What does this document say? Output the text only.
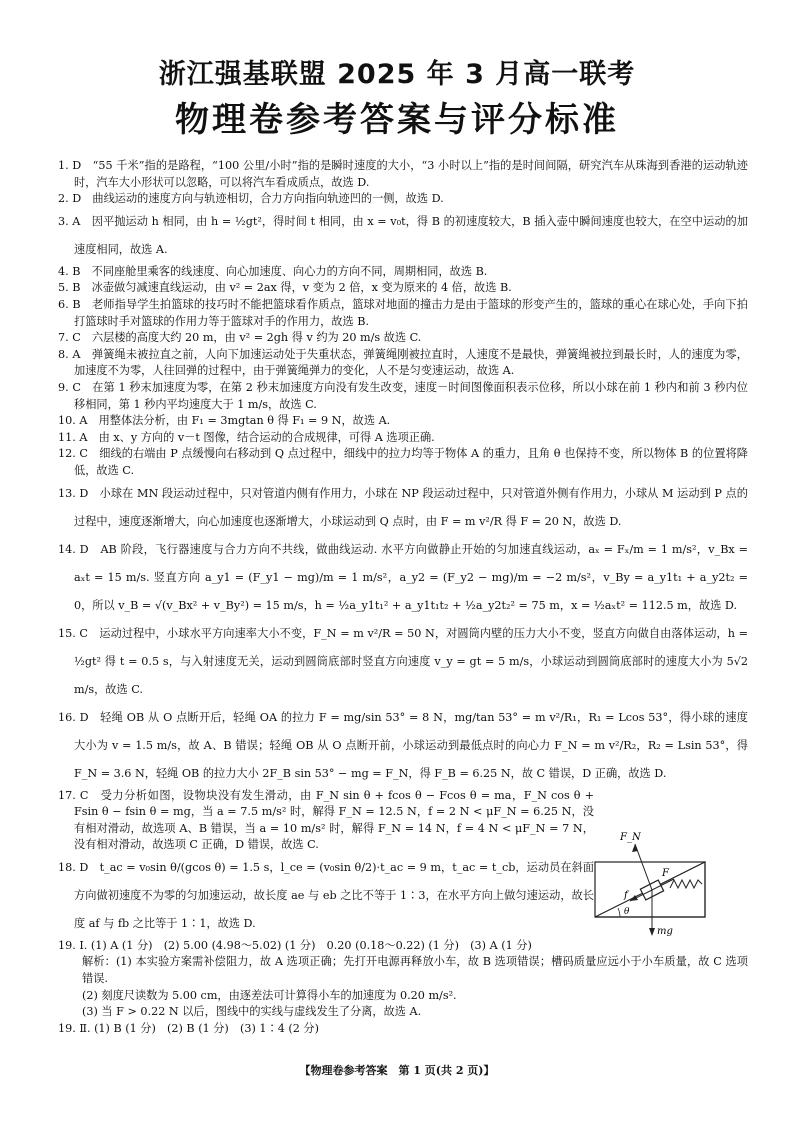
浙江强基联盟 2025 年 3 月高一联考
物理卷参考答案与评分标准

1. D　“55 千米”指的是路程，“100 公里/小时”指的是瞬时速度的大小，“3 小时以上”指的是时间间隔，研究汽车从珠海到香港的运动轨迹时，汽车大小形状可以忽略，可以将汽车看成质点，故选 D.

2. D　曲线运动的速度方向与轨迹相切，合力方向指向轨迹凹的一侧，故选 D.

3. A　因平抛运动 h 相同，由 h = ½gt²，得时间 t 相同，由 x = v₀t，得 B 的初速度较大，B 插入壶中瞬间速度也较大，在空中运动的加速度相同，故选 A.

4. B　不同座舱里乘客的线速度、向心加速度、向心力的方向不同，周期相同，故选 B.

5. B　冰壶做匀减速直线运动，由 v² = 2ax 得，v 变为 2 倍，x 变为原来的 4 倍，故选 B.

6. B　老师指导学生拍篮球的技巧时不能把篮球看作质点，篮球对地面的撞击力是由于篮球的形变产生的，篮球的重心在球心处，手向下拍打篮球时手对篮球的作用力等于篮球对手的作用力，故选 B.

7. C　六层楼的高度大约 20 m，由 v² = 2gh 得 v 约为 20 m/s 故选 C.

8. A　弹簧绳未被拉直之前，人向下加速运动处于失重状态，弹簧绳刚被拉直时，人速度不是最快，弹簧绳被拉到最长时，人的速度为零，加速度不为零，人往回弹的过程中，由于弹簧绳弹力的变化，人不是匀变速运动，故选 A.

9. C　在第 1 秒末加速度为零，在第 2 秒末加速度方向没有发生改变，速度－时间图像面积表示位移，所以小球在前 1 秒内和前 3 秒内位移相同，第 1 秒内平均速度大于 1 m/s，故选 C.

10. A　用整体法分析，由 F₁ = 3mgtan θ 得 F₁ = 9 N，故选 A.

11. A　由 x、y 方向的 v－t 图像，结合运动的合成规律，可得 A 选项正确.

12. C　细线的右端由 P 点缓慢向右移动到 Q 点过程中，细线中的拉力均等于物体 A 的重力，且角 θ 也保持不变，所以物体 B 的位置将降低，故选 C.

13. D　小球在 MN 段运动过程中，只对管道内侧有作用力，小球在 NP 段运动过程中，只对管道外侧有作用力，小球从 M 运动到 P 点的过程中，速度逐渐增大，向心加速度也逐渐增大，小球运动到 Q 点时，由 F = m v²/R 得 F = 20 N，故选 D.

14. D　AB 阶段，飞行器速度与合力方向不共线，做曲线运动. 水平方向做静止开始的匀加速直线运动，aₓ = Fₓ/m = 1 m/s²，v_Bx = aₓt = 15 m/s. 竖直方向 a_y1 = (F_y1 − mg)/m = 1 m/s²，a_y2 = (F_y2 − mg)/m = −2 m/s²，v_By = a_y1t₁ + a_y2t₂ = 0，所以 v_B = √(v_Bx² + v_By²) = 15 m/s，h = ½a_y1t₁² + a_y1t₁t₂ + ½a_y2t₂² = 75 m，x = ½aₓt² = 112.5 m，故选 D.

15. C　运动过程中，小球水平方向速率大小不变，F_N = m v²/R = 50 N，对圆筒内壁的压力大小不变，竖直方向做自由落体运动，h = ½gt² 得 t = 0.5 s，与入射速度无关，运动到圆筒底部时竖直方向速度 v_y = gt = 5 m/s，小球运动到圆筒底部时的速度大小为 5√2 m/s，故选 C.

16. D　轻绳 OB 从 O 点断开后，轻绳 OA 的拉力 F = mg/sin 53° = 8 N，mg/tan 53° = m v²/R₁，R₁ = Lcos 53°，得小球的速度大小为 v = 1.5 m/s，故 A、B 错误；轻绳 OB 从 O 点断开前，小球运动到最低点时的向心力 F_N = m v²/R₂，R₂ = Lsin 53°，得 F_N = 3.6 N，轻绳 OB 的拉力大小 2F_B sin 53° − mg = F_N，得 F_B = 6.25 N，故 C 错误，D 正确，故选 D.

17. C　受力分析如图，设物块没有发生滑动，由 F_N sin θ + fcos θ − Fcos θ = ma，F_N cos θ + Fsin θ − fsin θ = mg，当 a = 7.5 m/s² 时，解得 F_N = 12.5 N，f = 2 N < μF_N = 6.25 N，没有相对滑动，故选项 A、B 错误，当 a = 10 m/s² 时，解得 F_N = 14 N，f = 4 N < μF_N = 7 N，没有相对滑动，故选项 C 正确，D 错误，故选 C.

18. D　t_ac = v₀sin θ/(gcos θ) = 1.5 s，l_ce = (v₀sin θ/2)·t_ac = 9 m，t_ac = t_cb，运动员在斜面方向做初速度不为零的匀加速运动，故长度 ae 与 eb 之比不等于 1∶3，在水平方向上做匀速运动，故长度 af 与 fb 之比等于 1∶1，故选 D.

19. Ⅰ. (1) A (1 分)　(2) 5.00 (4.98～5.02) (1 分)　0.20 (0.18～0.22) (1 分)　(3) A (1 分)

解析：(1) 本实验方案需补偿阻力，故 A 选项正确；先打开电源再释放小车，故 B 选项错误；槽码质量应远小于小车质量，故 C 选项错误.

(2) 刻度尺读数为 5.00 cm，由逐差法可计算得小车的加速度为 0.20 m/s².

(3) 当 F > 0.22 N 以后，图线中的实线与虚线发生了分离，故选 A.

19. Ⅱ. (1) B (1 分)　(2) B (1 分)　(3) 1∶4 (2 分)

F_N
F
f
θ
mg
【物理卷参考答案　第 1 页(共 2 页)】
